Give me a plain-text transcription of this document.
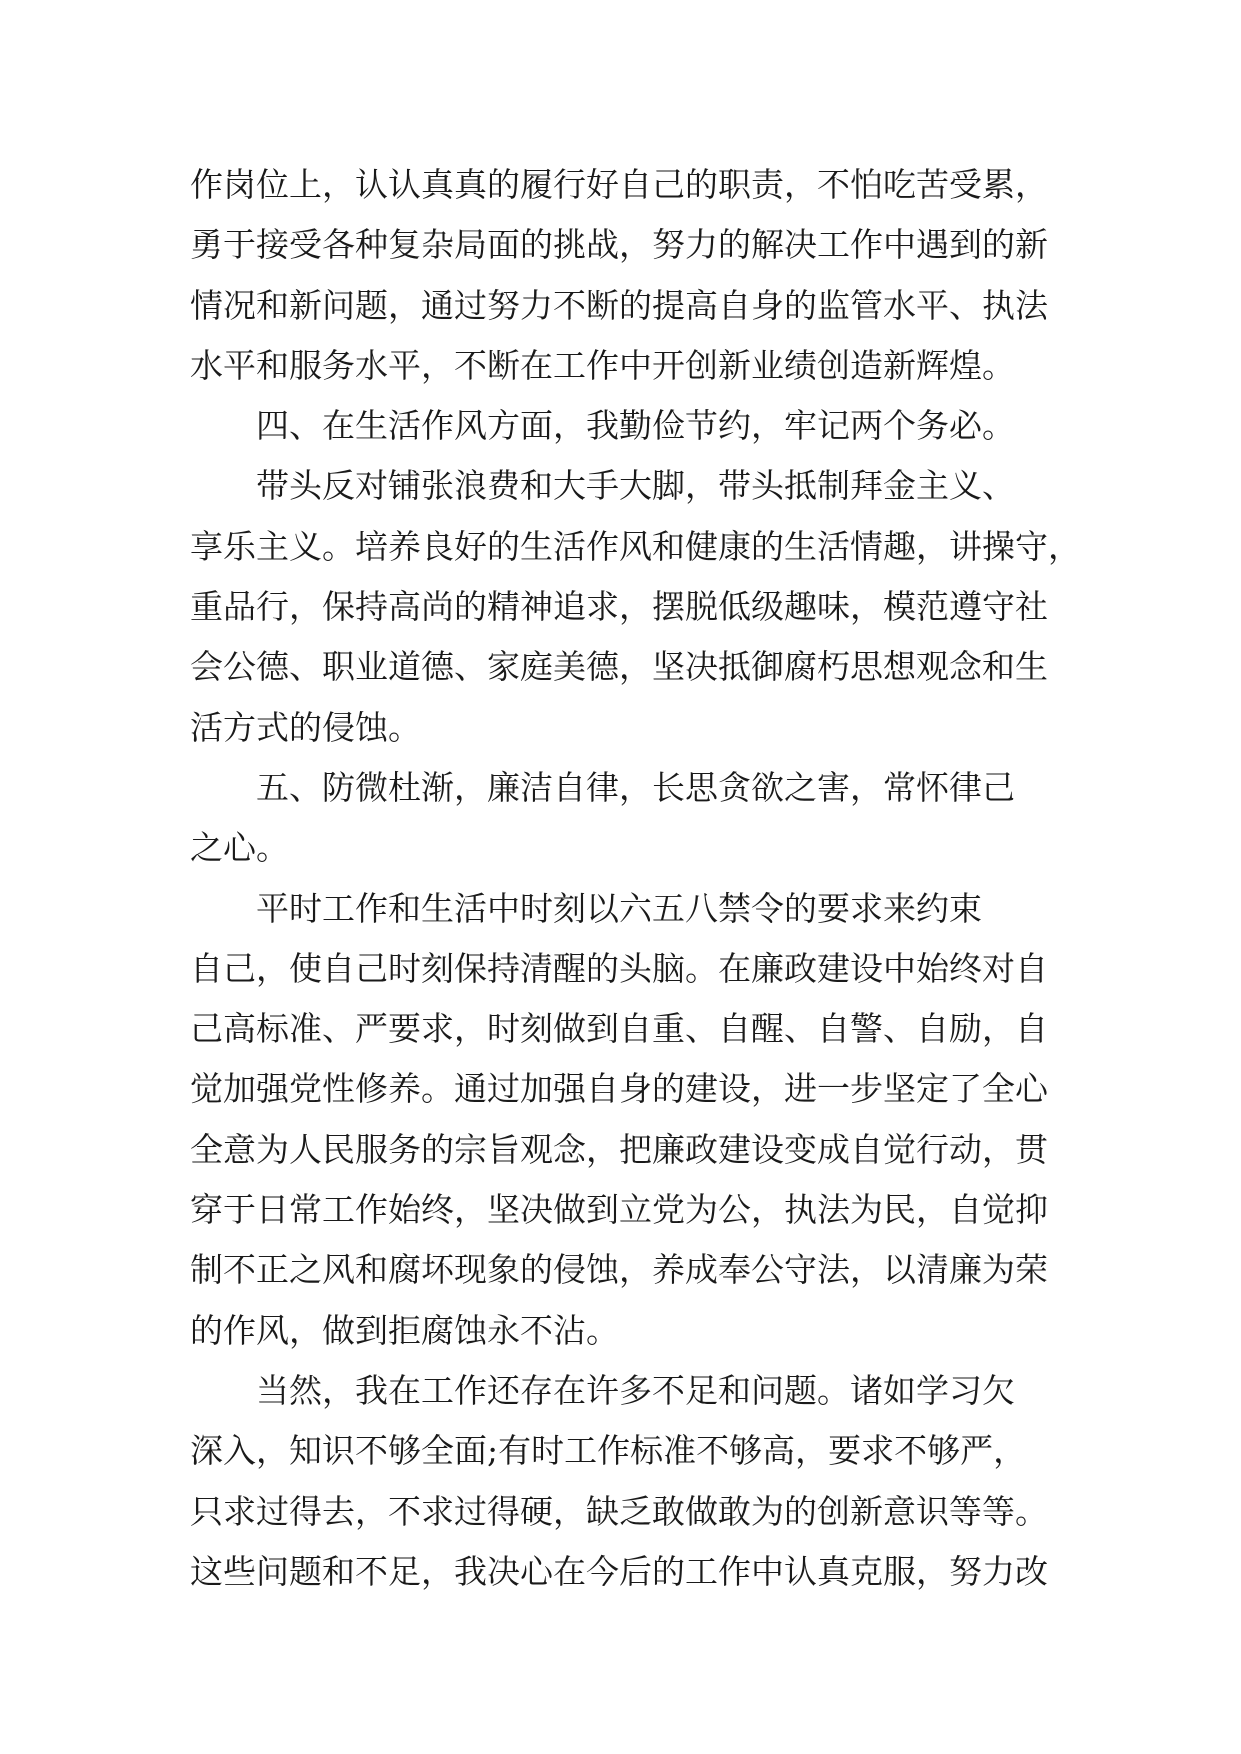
作岗位上，认认真真的履行好自己的职责，不怕吃苦受累，
勇于接受各种复杂局面的挑战，努力的解决工作中遇到的新
情况和新问题，通过努力不断的提高自身的监管水平、执法
水平和服务水平，不断在工作中开创新业绩创造新辉煌。
四、在生活作风方面，我勤俭节约，牢记两个务必。
带头反对铺张浪费和大手大脚，带头抵制拜金主义、
享乐主义。培养良好的生活作风和健康的生活情趣，讲操守，
重品行，保持高尚的精神追求，摆脱低级趣味，模范遵守社
会公德、职业道德、家庭美德，坚决抵御腐朽思想观念和生
活方式的侵蚀。
五、防微杜渐，廉洁自律，长思贪欲之害，常怀律己
之心。
平时工作和生活中时刻以六五八禁令的要求来约束
自己，使自己时刻保持清醒的头脑。在廉政建设中始终对自
己高标准、严要求，时刻做到自重、自醒、自警、自励，自
觉加强党性修养。通过加强自身的建设，进一步坚定了全心
全意为人民服务的宗旨观念，把廉政建设变成自觉行动，贯
穿于日常工作始终，坚决做到立党为公，执法为民，自觉抑
制不正之风和腐坏现象的侵蚀，养成奉公守法，以清廉为荣
的作风，做到拒腐蚀永不沾。
当然，我在工作还存在许多不足和问题。诸如学习欠
深入，知识不够全面;有时工作标准不够高，要求不够严，
只求过得去，不求过得硬，缺乏敢做敢为的创新意识等等。
这些问题和不足，我决心在今后的工作中认真克服，努力改
